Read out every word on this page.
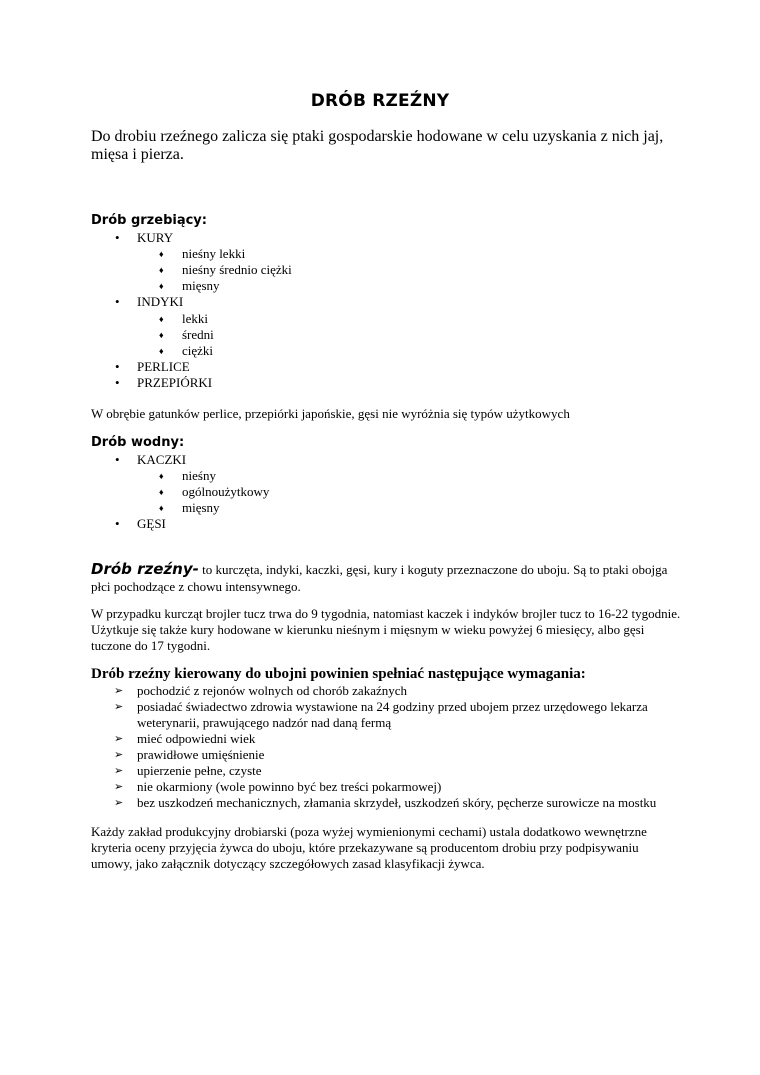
DRÓB RZEŹNY
Do drobiu rzeźnego zalicza się ptaki gospodarskie hodowane w celu uzyskania z nich jaj, mięsa i pierza.
Drób grzebiący:
• KURY
♦ nieśny lekki
♦ nieśny średnio ciężki
♦ mięsny
• INDYKI
♦ lekki
♦ średni
♦ ciężki
• PERLICE
• PRZEPIÓRKI
W obrębie gatunków perlice, przepiórki japońskie, gęsi nie wyróżnia się typów użytkowych
Drób wodny:
• KACZKI
♦ nieśny
♦ ogólnoużytkowy
♦ mięsny
• GĘSI
Drób rzeźny- to kurczęta, indyki, kaczki, gęsi, kury i koguty przeznaczone do uboju. Są to ptaki obojga płci pochodzące z chowu intensywnego.
W przypadku kurcząt brojler tucz trwa do 9 tygodnia, natomiast kaczek i indyków brojler tucz to 16-22 tygodnie. Użytkuje się także kury hodowane w kierunku nieśnym i mięsnym w wieku powyżej 6 miesięcy, albo gęsi tuczone do 17 tygodni.
Drób rzeźny kierowany do ubojni powinien spełniać następujące wymagania:
➢ pochodzić z rejonów wolnych od chorób zakaźnych
➢ posiadać świadectwo zdrowia wystawione na 24 godziny przed ubojem przez urzędowego lekarza weterynarii, prawującego nadzór nad daną fermą
➢ mieć odpowiedni wiek
➢ prawidłowe umięśnienie
➢ upierzenie pełne, czyste
➢ nie okarmiony (wole powinno być bez treści pokarmowej)
➢ bez uszkodzeń mechanicznych, złamania skrzydeł, uszkodzeń skóry, pęcherze surowicze na mostku
Każdy zakład produkcyjny drobiarski (poza wyżej wymienionymi cechami) ustala dodatkowo wewnętrzne kryteria oceny przyjęcia żywca do uboju, które przekazywane są producentom drobiu przy podpisywaniu umowy, jako załącznik dotyczący szczegółowych zasad klasyfikacji żywca.
